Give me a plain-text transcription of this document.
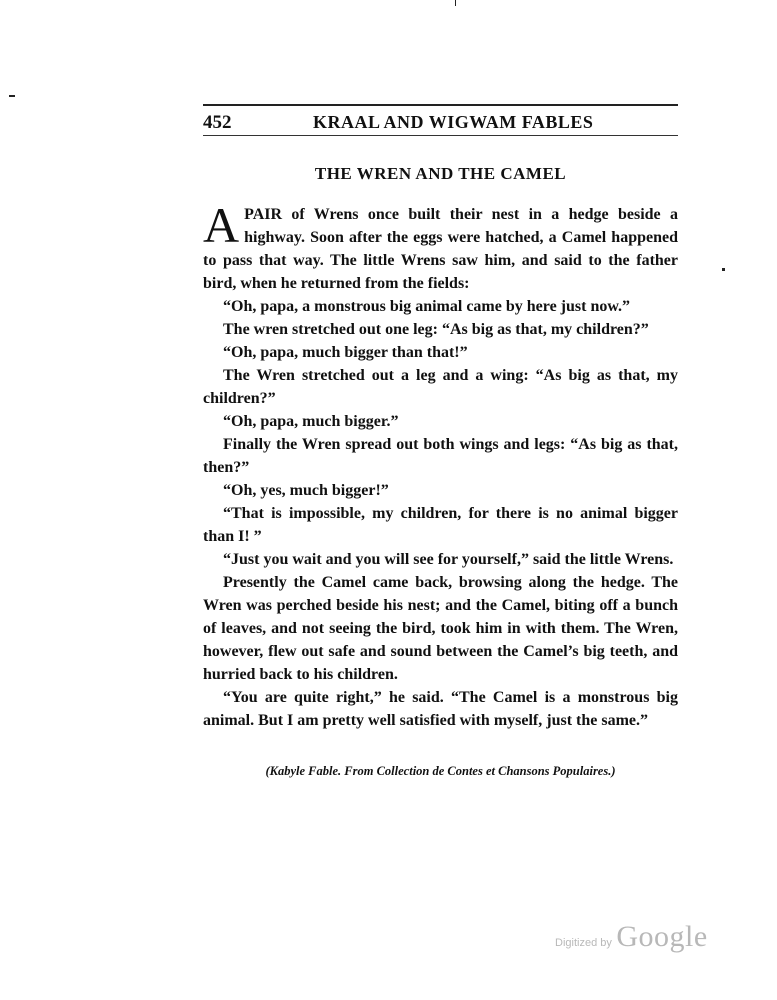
452	KRAAL AND WIGWAM FABLES
THE WREN AND THE CAMEL

APAIR of Wrens once built their nest in a hedge beside a highway. Soon after the eggs were hatched, a Camel happened to pass that way. The little Wrens saw him, and said to the father bird, when he returned from the fields:

“Oh, papa, a monstrous big animal came by here just now.”

The wren stretched out one leg: “As big as that, my children?”

“Oh, papa, much bigger than that!”

The Wren stretched out a leg and a wing: “As big as that, my children?”

“Oh, papa, much bigger.”

Finally the Wren spread out both wings and legs: “As big as that, then?”

“Oh, yes, much bigger!”

“That is impossible, my children, for there is no animal bigger than I! ”

“Just you wait and you will see for yourself,” said the little Wrens.

Presently the Camel came back, browsing along the hedge. The Wren was perched beside his nest; and the Camel, biting off a bunch of leaves, and not seeing the bird, took him in with them. The Wren, however, flew out safe and sound between the Camel’s big teeth, and hurried back to his children.

“You are quite right,” he said. “The Camel is a monstrous big animal. But I am pretty well satisfied with myself, just the same.”

(Kabyle Fable. From Collection de Contes et Chansons Populaires.)
Digitized by Google
